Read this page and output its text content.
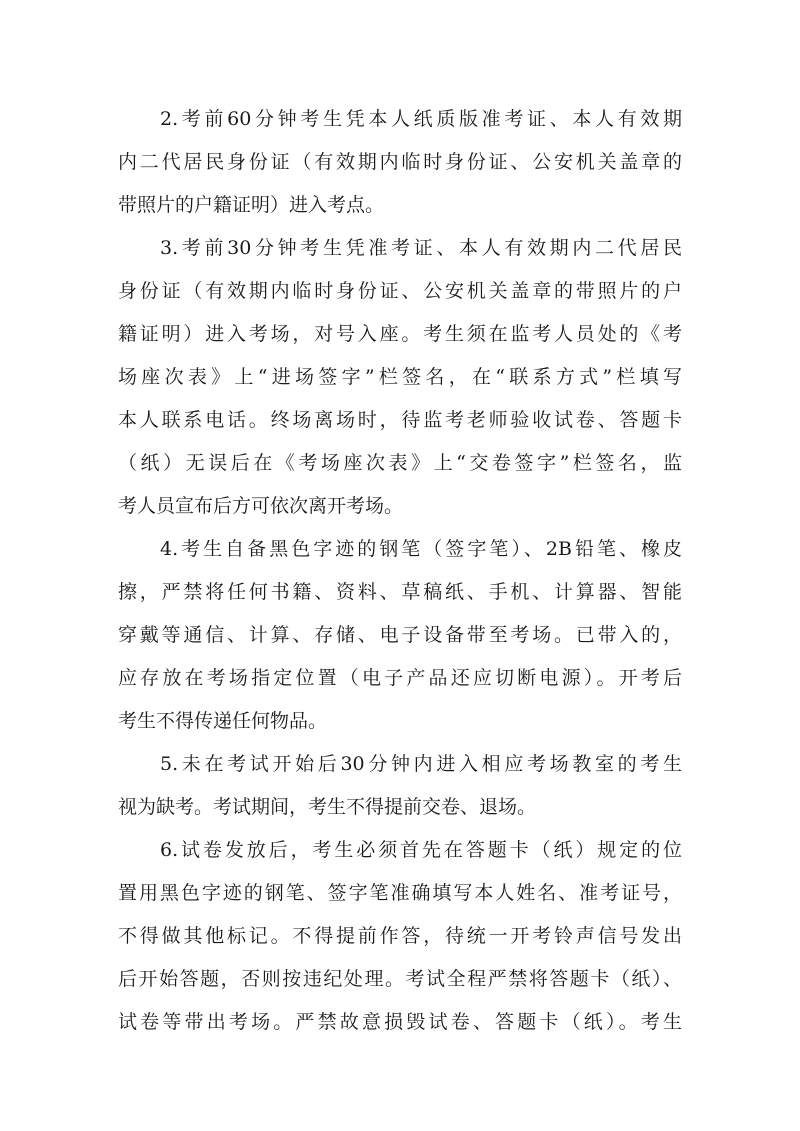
2.考前60分钟考生凭本人纸质版准考证、本人有效期
内二代居民身份证（有效期内临时身份证、公安机关盖章的
带照片的户籍证明）进入考点。
3.考前30分钟考生凭准考证、本人有效期内二代居民
身份证（有效期内临时身份证、公安机关盖章的带照片的户
籍证明）进入考场，对号入座。考生须在监考人员处的《考
场座次表》上“进场签字”栏签名，在“联系方式”栏填写
本人联系电话。终场离场时，待监考老师验收试卷、答题卡
（纸）无误后在《考场座次表》上“交卷签字”栏签名，监
考人员宣布后方可依次离开考场。
4.考生自备黑色字迹的钢笔（签字笔）、2B铅笔、橡皮
擦，严禁将任何书籍、资料、草稿纸、手机、计算器、智能
穿戴等通信、计算、存储、电子设备带至考场。已带入的，
应存放在考场指定位置（电子产品还应切断电源）。开考后
考生不得传递任何物品。
5.未在考试开始后30分钟内进入相应考场教室的考生
视为缺考。考试期间，考生不得提前交卷、退场。
6.试卷发放后，考生必须首先在答题卡（纸）规定的位
置用黑色字迹的钢笔、签字笔准确填写本人姓名、准考证号，
不得做其他标记。不得提前作答，待统一开考铃声信号发出
后开始答题，否则按违纪处理。考试全程严禁将答题卡（纸）、
试卷等带出考场。严禁故意损毁试卷、答题卡（纸）。考生
